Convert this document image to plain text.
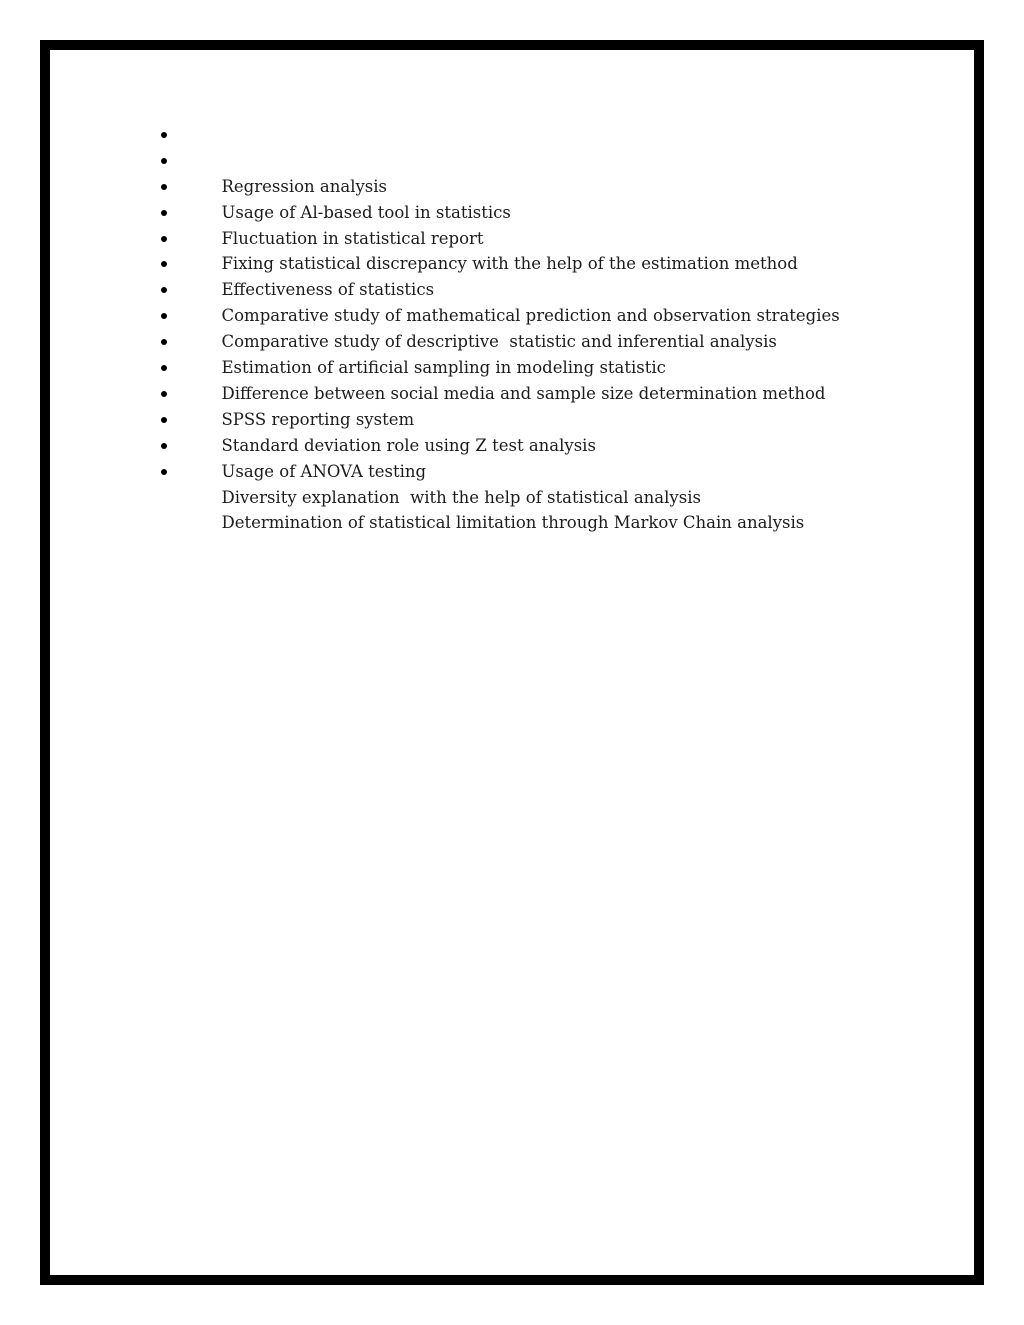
Regression analysis

Usage of Al-based tool in statistics

Fluctuation in statistical report

Fixing statistical discrepancy with the help of the estimation method

Effectiveness of statistics

Comparative study of mathematical prediction and observation strategies

Comparative study of descriptive  statistic and inferential analysis

Estimation of artificial sampling in modeling statistic

Difference between social media and sample size determination method

SPSS reporting system

Standard deviation role using Z test analysis

Usage of ANOVA testing

Diversity explanation  with the help of statistical analysis

Determination of statistical limitation through Markov Chain analysis
